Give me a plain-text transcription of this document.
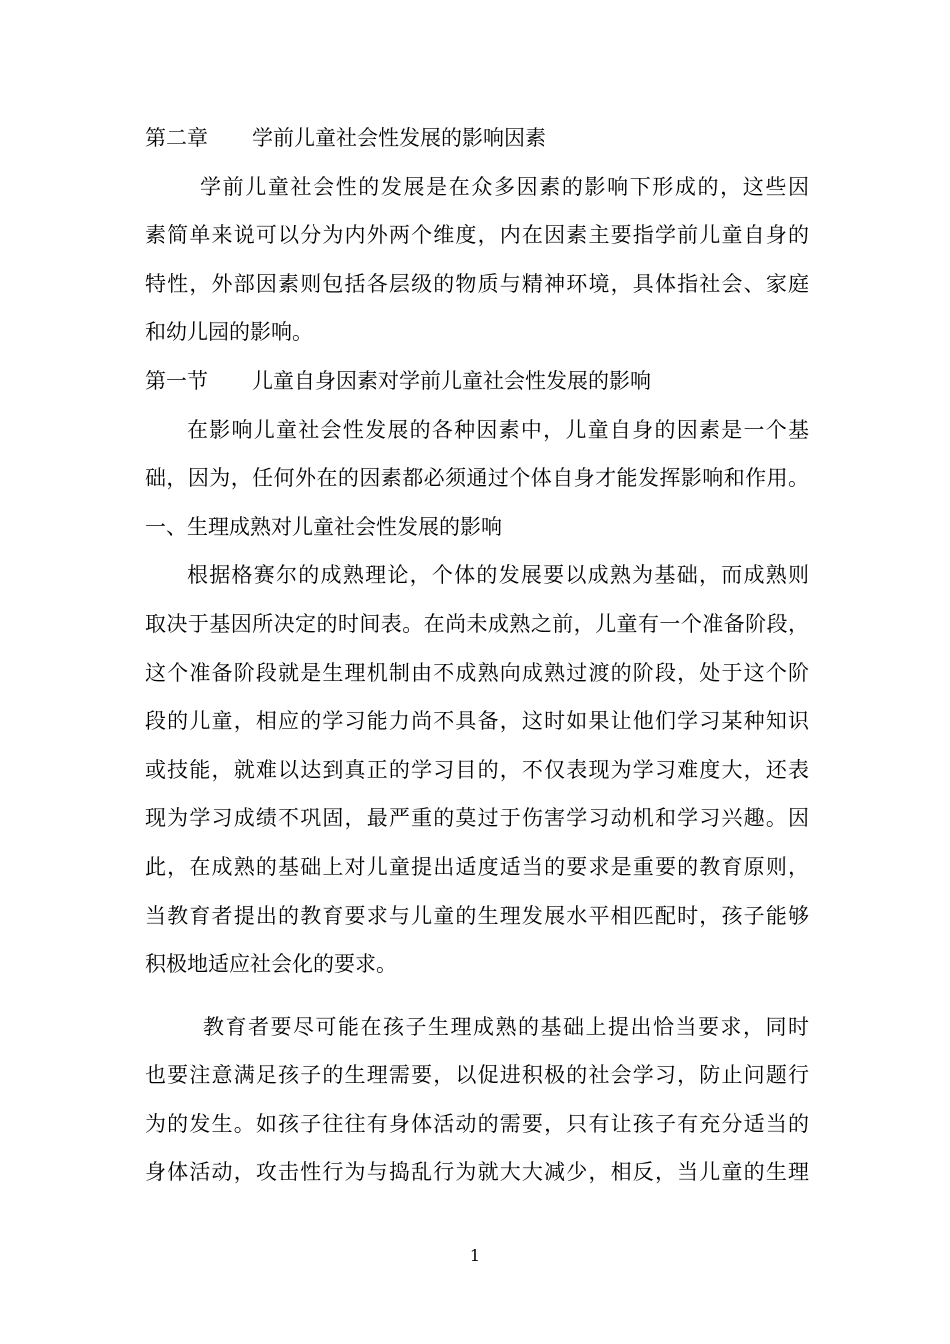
第二章 学前儿童社会性发展的影响因素
学前儿童社会性的发展是在众多因素的影响下形成的，这些因
素简单来说可以分为内外两个维度，内在因素主要指学前儿童自身的
特性，外部因素则包括各层级的物质与精神环境，具体指社会、家庭
和幼儿园的影响。
第一节 儿童自身因素对学前儿童社会性发展的影响
在影响儿童社会性发展的各种因素中，儿童自身的因素是一个基
础，因为，任何外在的因素都必须通过个体自身才能发挥影响和作用。
一、生理成熟对儿童社会性发展的影响
根据格赛尔的成熟理论，个体的发展要以成熟为基础，而成熟则
取决于基因所决定的时间表。在尚未成熟之前，儿童有一个准备阶段，
这个准备阶段就是生理机制由不成熟向成熟过渡的阶段，处于这个阶
段的儿童，相应的学习能力尚不具备，这时如果让他们学习某种知识
或技能，就难以达到真正的学习目的，不仅表现为学习难度大，还表
现为学习成绩不巩固，最严重的莫过于伤害学习动机和学习兴趣。因
此，在成熟的基础上对儿童提出适度适当的要求是重要的教育原则，
当教育者提出的教育要求与儿童的生理发展水平相匹配时，孩子能够
积极地适应社会化的要求。
教育者要尽可能在孩子生理成熟的基础上提出恰当要求，同时
也要注意满足孩子的生理需要，以促进积极的社会学习，防止问题行
为的发生。如孩子往往有身体活动的需要，只有让孩子有充分适当的
身体活动，攻击性行为与捣乱行为就大大减少，相反，当儿童的生理
1
